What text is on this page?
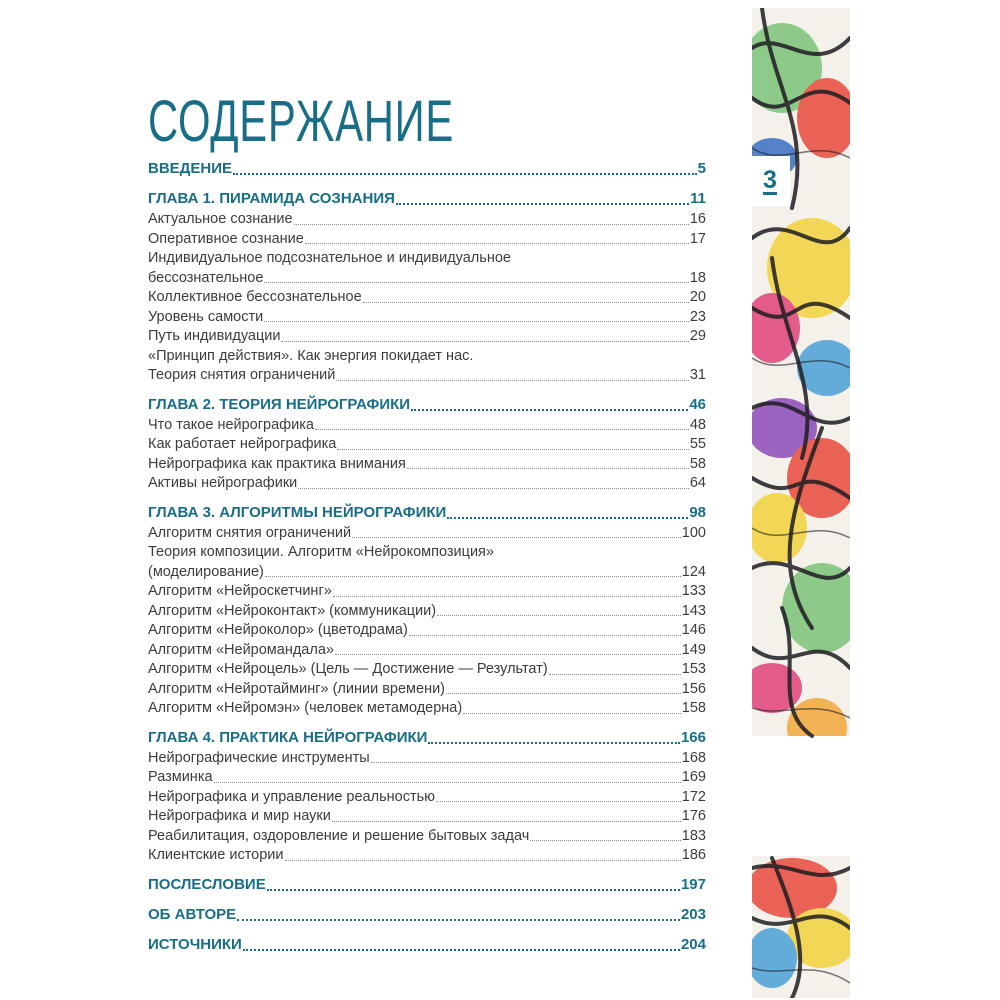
СОДЕРЖАНИЕ
ВВЕДЕНИЕ	5
ГЛАВА 1. ПИРАМИДА СОЗНАНИЯ	11
Актуальное сознание	16
Оперативное сознание	17
Индивидуальное подсознательное и индивидуальное
бессознательное	18
Коллективное бессознательное	20
Уровень самости	23
Путь индивидуации	29
«Принцип действия». Как энергия покидает нас.
Теория снятия ограничений	31
ГЛАВА 2. ТЕОРИЯ НЕЙРОГРАФИКИ	46
Что такое нейрографика	48
Как работает нейрографика	55
Нейрографика как практика внимания	58
Активы нейрографики	64
ГЛАВА 3. АЛГОРИТМЫ НЕЙРОГРАФИКИ	98
Алгоритм снятия ограничений	100
Теория композиции. Алгоритм «Нейрокомпозиция»
(моделирование)	124
Алгоритм «Нейроскетчинг»	133
Алгоритм «Нейроконтакт» (коммуникации)	143
Алгоритм «Нейроколор» (цветодрама)	146
Алгоритм «Нейромандала»	149
Алгоритм «Нейроцель» (Цель — Достижение — Результат)	153
Алгоритм «Нейротайминг» (линии времени)	156
Алгоритм «Нейромэн» (человек метамодерна)	158
ГЛАВА 4. ПРАКТИКА НЕЙРОГРАФИКИ	166
Нейрографические инструменты	168
Разминка	169
Нейрографика и управление реальностью	172
Нейрографика и мир науки	176
Реабилитация, оздоровление и решение бытовых задач	183
Клиентские истории	186
ПОСЛЕСЛОВИЕ	197
ОБ АВТОРЕ	203
ИСТОЧНИКИ	204
3
